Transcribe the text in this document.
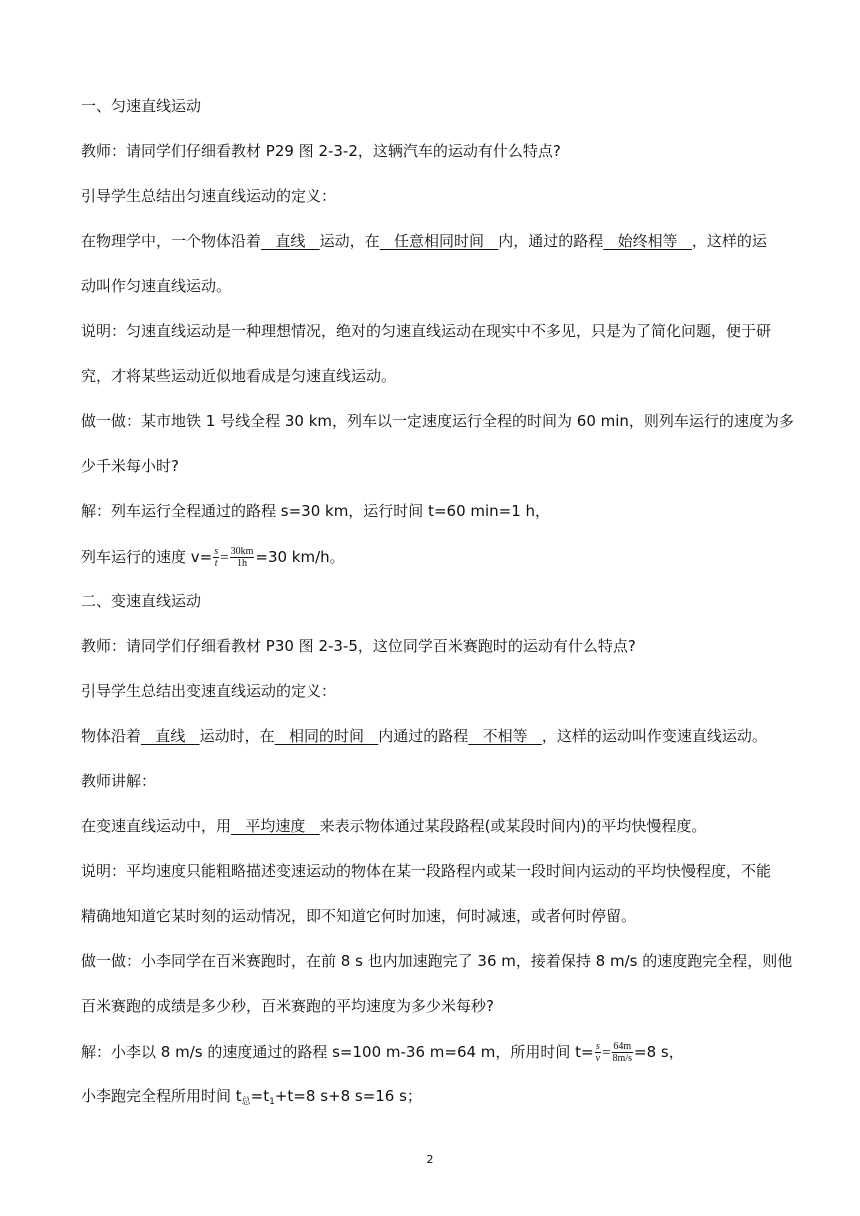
一、匀速直线运动
教师：请同学们仔细看教材 P29 图 2-3-2，这辆汽车的运动有什么特点?
引导学生总结出匀速直线运动的定义：
在物理学中，一个物体沿着   直线   运动，在   任意相同时间   内，通过的路程   始终相等   ，这样的运
动叫作匀速直线运动。
说明：匀速直线运动是一种理想情况，绝对的匀速直线运动在现实中不多见，只是为了简化问题，便于研
究，才将某些运动近似地看成是匀速直线运动。
做一做：某市地铁 1 号线全程 30 km，列车以一定速度运行全程的时间为 60 min，则列车运行的速度为多
少千米每小时?
解：列车运行全程通过的路程 s=30 km，运行时间 t=60 min=1 h，
列车运行的速度 $v= \frac{s}{t} = \frac{30km}{1h} =30$ km/h。
二、变速直线运动
教师：请同学们仔细看教材 P30 图 2-3-5，这位同学百米赛跑时的运动有什么特点?
引导学生总结出变速直线运动的定义：
物体沿着   直线   运动时，在   相同的时间   内通过的路程   不相等   ，这样的运动叫作变速直线运动。
教师讲解：
在变速直线运动中，用   平均速度   来表示物体通过某段路程(或某段时间内)的平均快慢程度。
说明：平均速度只能粗略描述变速运动的物体在某一段路程内或某一段时间内运动的平均快慢程度，不能
精确地知道它某时刻的运动情况，即不知道它何时加速，何时减速，或者何时停留。
做一做：小李同学在百米赛跑时，在前 8 s 也内加速跑完了 36 m，接着保持 8 m/s 的速度跑完全程，则他
百米赛跑的成绩是多少秒，百米赛跑的平均速度为多少米每秒?
解：小李以 8 m/s 的速度通过的路程 s=100 m-36 m=64 m，所用时间 $t= \frac{s}{v} = \frac{64m}{8m/s} =8$ s，
小李跑完全程所用时间 $t_总=t_1+t=8$ s+8 s=16 s；
2
